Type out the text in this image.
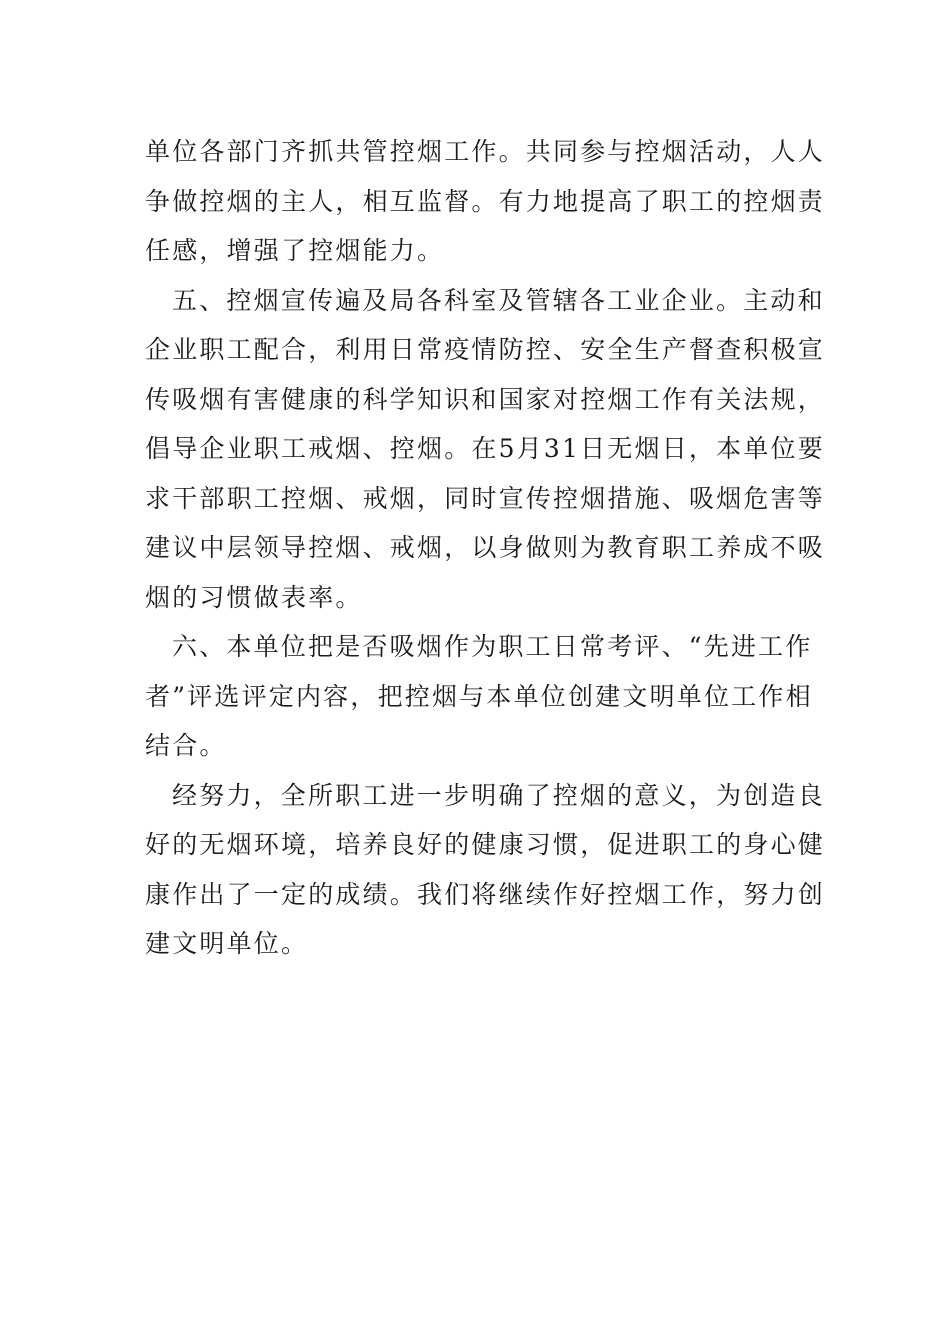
单位各部门齐抓共管控烟工作。共同参与控烟活动，人人
争做控烟的主人，相互监督。有力地提高了职工的控烟责
任感，增强了控烟能力。

五、控烟宣传遍及局各科室及管辖各工业企业。主动和
企业职工配合，利用日常疫情防控、安全生产督查积极宣
传吸烟有害健康的科学知识和国家对控烟工作有关法规，
倡导企业职工戒烟、控烟。在5月31日无烟日，本单位要
求干部职工控烟、戒烟，同时宣传控烟措施、吸烟危害等
建议中层领导控烟、戒烟，以身做则为教育职工养成不吸
烟的习惯做表率。

六、本单位把是否吸烟作为职工日常考评、“先进工作
者”评选评定内容，把控烟与本单位创建文明单位工作相
结合。

经努力，全所职工进一步明确了控烟的意义，为创造良
好的无烟环境，培养良好的健康习惯，促进职工的身心健
康作出了一定的成绩。我们将继续作好控烟工作，努力创
建文明单位。
